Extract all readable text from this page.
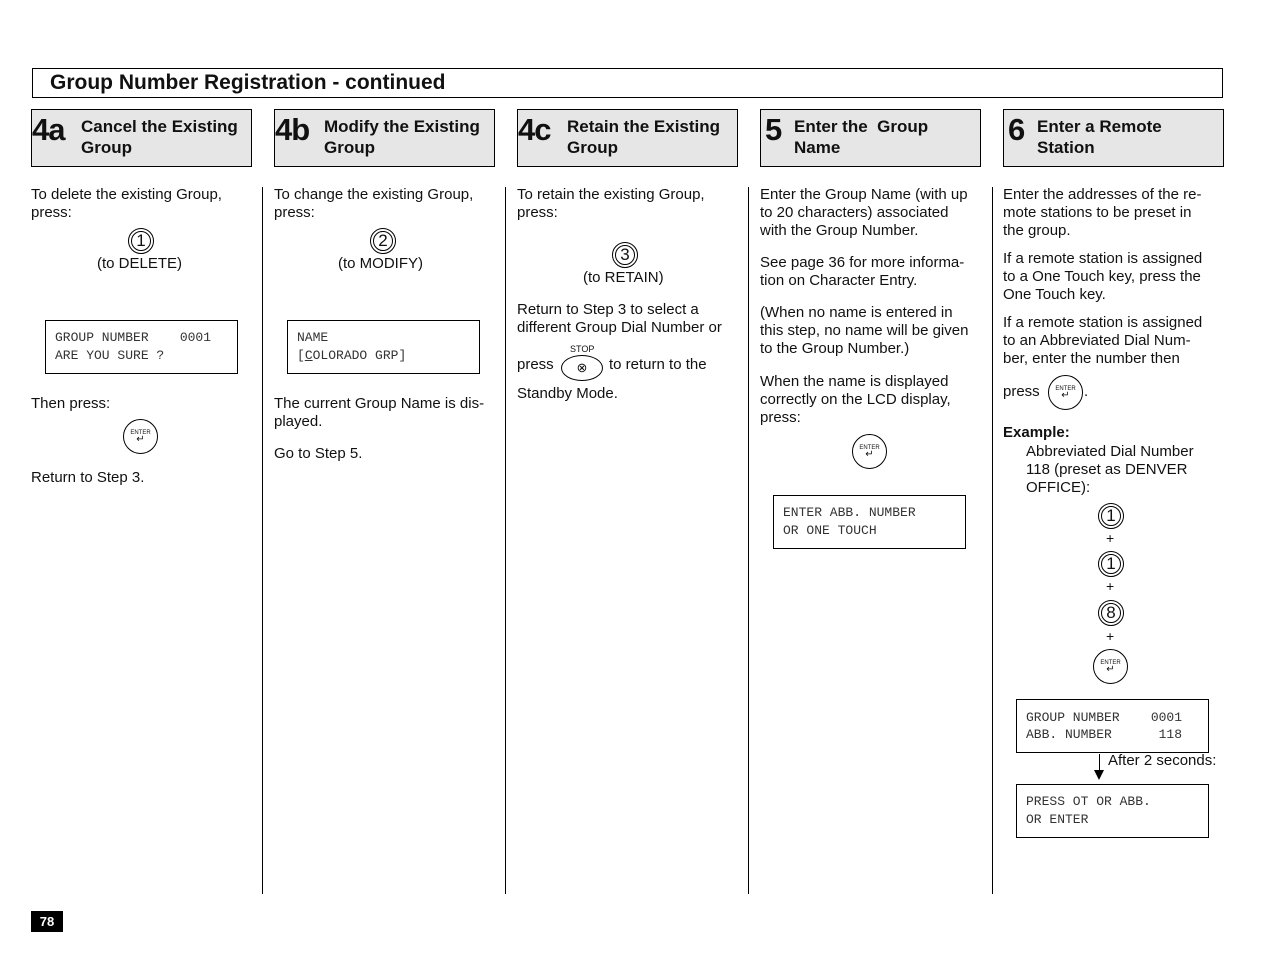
Group Number Registration - continued
4a Cancel the Existing
Group
4b Modify the Existing
Group
4c Retain the Existing
Group
5 Enter the  Group
Name
6 Enter a Remote
Station
To delete the existing Group,
press:
1
(to DELETE)
GROUP NUMBER    0001
ARE YOU SURE ?
Then press:
ENTER
↵
Return to Step 3.
To change the existing Group,
press:
2
(to MODIFY)
NAME
[COLORADO GRP]
The current Group Name is dis-
played.
Go to Step 5.
To retain the existing Group,
press:
3
(to RETAIN)
Return to Step 3 to select a
different Group Dial Number or
press
STOP
⊗	to return to the
Standby Mode.
Enter the Group Name (with up
to 20 characters) associated
with the Group Number.
See page 36 for more informa-
tion on Character Entry.
(When no name is entered in
this step, no name will be given
to the Group Number.)
When the name is displayed
correctly on the LCD display,
press:
ENTER
↵
ENTER ABB. NUMBER
OR ONE TOUCH
Enter the addresses of the re-
mote stations to be preset in
the group.
If a remote station is assigned
to a One Touch key, press the
One Touch key.
If a remote station is assigned
to an Abbreviated Dial Num-
ber, enter the number then
press	ENTER
↵ .
Example:
Abbreviated Dial Number
118 (preset as DENVER
OFFICE):
1
+
1
+
8
+
ENTER
↵
GROUP NUMBER    0001
ABB. NUMBER      118
After 2 seconds:
PRESS OT OR ABB.
OR ENTER
78
